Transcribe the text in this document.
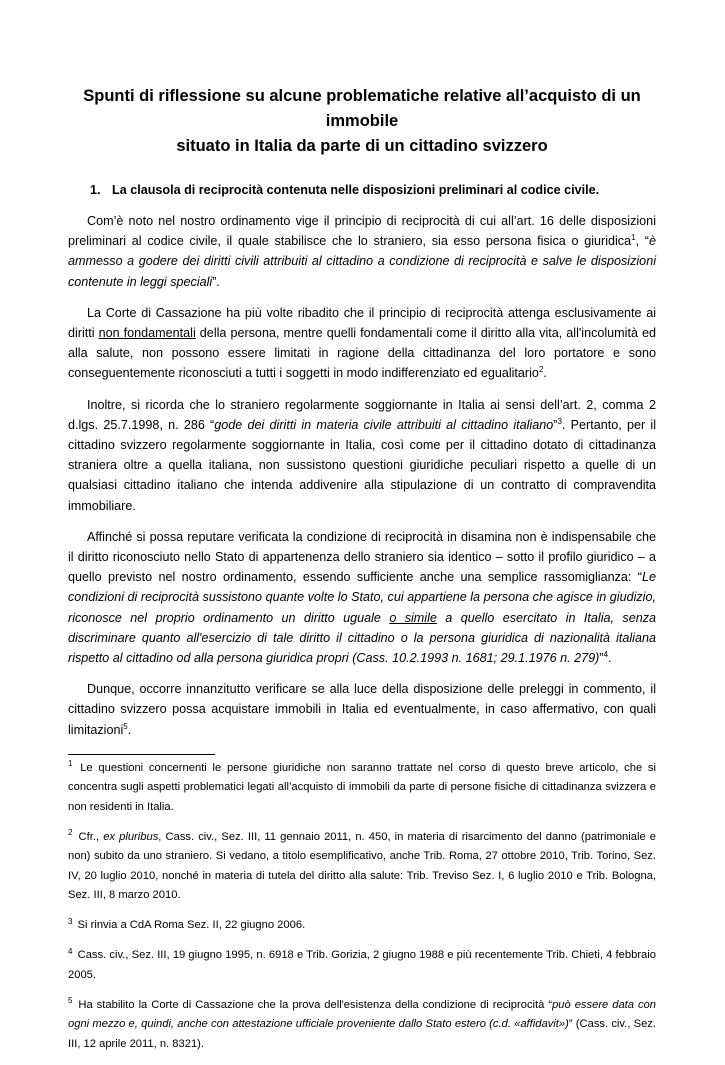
Spunti di riflessione su alcune problematiche relative all’acquisto di un immobile
situato in Italia da parte di un cittadino svizzero
1. La clausola di reciprocità contenuta nelle disposizioni preliminari al codice civile.

Com’è noto nel nostro ordinamento vige il principio di reciprocità di cui all’art. 16 delle disposizioni preliminari al codice civile, il quale stabilisce che lo straniero, sia esso persona fisica o giuridica$^1$, “è ammesso a godere dei diritti civili attribuiti al cittadino a condizione di reciprocità e salve le disposizioni contenute in leggi speciali”.

La Corte di Cassazione ha più volte ribadito che il principio di reciprocità attenga esclusivamente ai diritti non fondamentali della persona, mentre quelli fondamentali come il diritto alla vita, all'incolumità ed alla salute, non possono essere limitati in ragione della cittadinanza del loro portatore e sono conseguentemente riconosciuti a tutti i soggetti in modo indifferenziato ed egualitario$^2$.

Inoltre, si ricorda che lo straniero regolarmente soggiornante in Italia ai sensi dell’art. 2, comma 2 d.lgs. 25.7.1998, n. 286 “gode dei diritti in materia civile attribuiti al cittadino italiano”$^3$. Pertanto, per il cittadino svizzero regolarmente soggiornante in Italia, così come per il cittadino dotato di cittadinanza straniera oltre a quella italiana, non sussistono questioni giuridiche peculiari rispetto a quelle di un qualsiasi cittadino italiano che intenda addivenire alla stipulazione di un contratto di compravendita immobiliare.

Affinché si possa reputare verificata la condizione di reciprocità in disamina non è indispensabile che il diritto riconosciuto nello Stato di appartenenza dello straniero sia identico – sotto il profilo giuridico – a quello previsto nel nostro ordinamento, essendo sufficiente anche una semplice rassomiglianza: “Le condizioni di reciprocità sussistono quante volte lo Stato, cui appartiene la persona che agisce in giudizio, riconosce nel proprio ordinamento un diritto uguale o simile a quello esercitato in Italia, senza discriminare quanto all'esercizio di tale diritto il cittadino o la persona giuridica di nazionalità italiana rispetto al cittadino od alla persona giuridica propri (Cass. 10.2.1993 n. 1681; 29.1.1976 n. 279)”$^4$.

Dunque, occorre innanzitutto verificare se alla luce della disposizione delle preleggi in commento, il cittadino svizzero possa acquistare immobili in Italia ed eventualmente, in caso affermativo, con quali limitazioni$^5$.

$^1$ Le questioni concernenti le persone giuridiche non saranno trattate nel corso di questo breve articolo, che si concentra sugli aspetti problematici legati all’acquisto di immobili da parte di persone fisiche di cittadinanza svizzera e non residenti in Italia.

$^2$ Cfr., ex pluribus, Cass. civ., Sez. III, 11 gennaio 2011, n. 450, in materia di risarcimento del danno (patrimoniale e non) subito da uno straniero. Si vedano, a titolo esemplificativo, anche Trib. Roma, 27 ottobre 2010, Trib. Torino, Sez. IV, 20 luglio 2010, nonché in materia di tutela del diritto alla salute: Trib. Treviso Sez. I, 6 luglio 2010 e Trib. Bologna, Sez. III, 8 marzo 2010.

$^3$ Si rinvia a CdA Roma Sez. II, 22 giugno 2006.

$^4$ Cass. civ., Sez. III, 19 giugno 1995, n. 6918 e Trib. Gorizia, 2 giugno 1988 e più recentemente Trib. Chieti, 4 febbraio 2005.

$^5$ Ha stabilito la Corte di Cassazione che la prova dell'esistenza della condizione di reciprocità “può essere data con ogni mezzo e, quindi, anche con attestazione ufficiale proveniente dallo Stato estero (c.d. «affidavit»)” (Cass. civ., Sez. III, 12 aprile 2011, n. 8321).
